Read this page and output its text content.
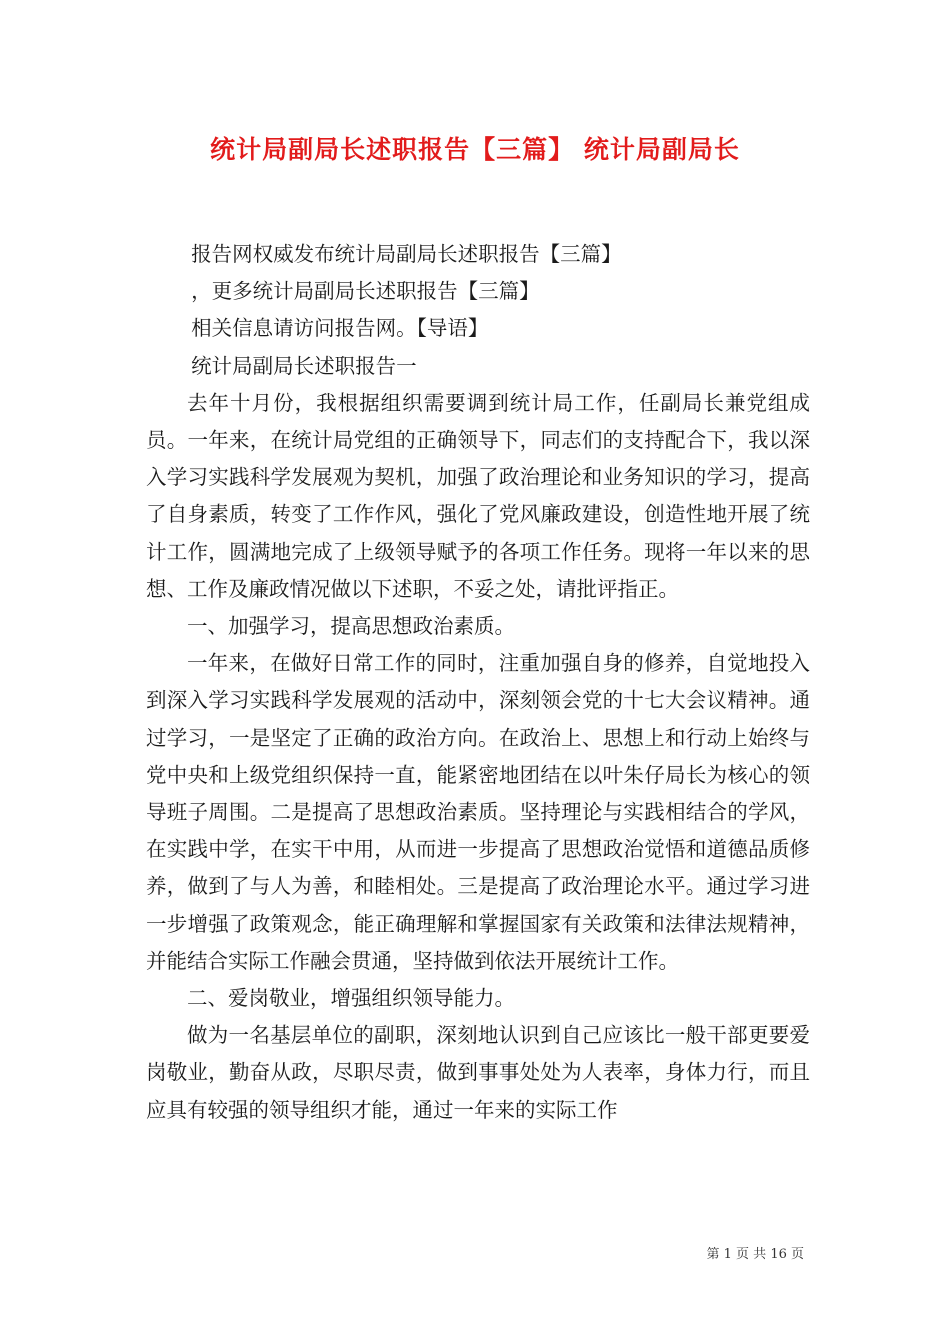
统计局副局长述职报告【三篇】 统计局副局长

报告网权威发布统计局副局长述职报告【三篇】

，更多统计局副局长述职报告【三篇】

相关信息请访问报告网。【导语】

统计局副局长述职报告一

去年十月份，我根据组织需要调到统计局工作，任副局长兼党组成员。一年来，在统计局党组的正确领导下，同志们的支持配合下，我以深入学习实践科学发展观为契机，加强了政治理论和业务知识的学习，提高了自身素质，转变了工作作风，强化了党风廉政建设，创造性地开展了统计工作，圆满地完成了上级领导赋予的各项工作任务。现将一年以来的思想、工作及廉政情况做以下述职，不妥之处，请批评指正。

一、加强学习，提高思想政治素质。

一年来，在做好日常工作的同时，注重加强自身的修养，自觉地投入到深入学习实践科学发展观的活动中，深刻领会党的十七大会议精神。通过学习，一是坚定了正确的政治方向。在政治上、思想上和行动上始终与党中央和上级党组织保持一直，能紧密地团结在以叶朱仔局长为核心的领导班子周围。二是提高了思想政治素质。坚持理论与实践相结合的学风，在实践中学，在实干中用，从而进一步提高了思想政治觉悟和道德品质修养，做到了与人为善，和睦相处。三是提高了政治理论水平。通过学习进一步增强了政策观念，能正确理解和掌握国家有关政策和法律法规精神，并能结合实际工作融会贯通，坚持做到依法开展统计工作。

二、爱岗敬业，增强组织领导能力。

做为一名基层单位的副职，深刻地认识到自己应该比一般干部更要爱岗敬业，勤奋从政，尽职尽责，做到事事处处为人表率，身体力行，而且应具有较强的领导组织才能，通过一年来的实际工作

第 1 页 共 16 页
